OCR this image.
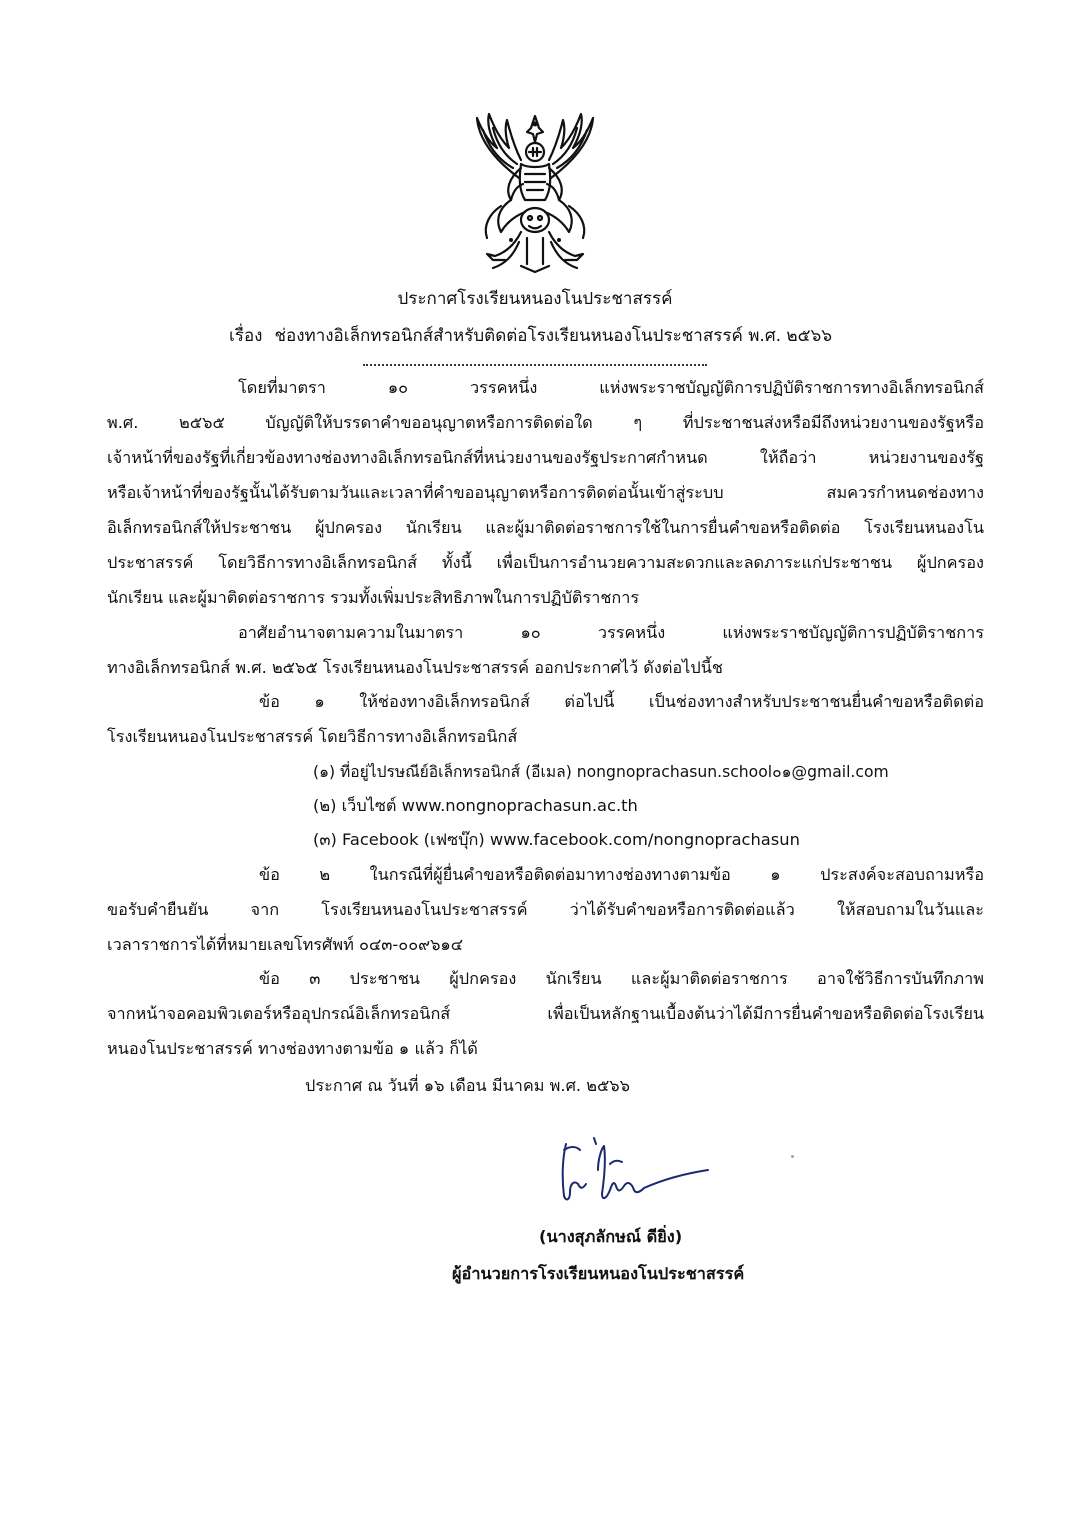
ประกาศโรงเรียนหนองโนประชาสรรค์
เรื่อง ช่องทางอิเล็กทรอนิกส์สำหรับติดต่อโรงเรียนหนองโนประชาสรรค์ พ.ศ. ๒๕๖๖
โดยที่มาตรา ๑๐ วรรคหนึ่ง แห่งพระราชบัญญัติการปฏิบัติราชการทางอิเล็กทรอนิกส์
พ.ศ. ๒๕๖๕ บัญญัติให้บรรดาคำขออนุญาตหรือการติดต่อใด ๆ ที่ประชาชนส่งหรือมีถึงหน่วยงานของรัฐหรือ
เจ้าหน้าที่ของรัฐที่เกี่ยวข้องทางช่องทางอิเล็กทรอนิกส์ที่หน่วยงานของรัฐประกาศกำหนด ให้ถือว่า หน่วยงานของรัฐ
หรือเจ้าหน้าที่ของรัฐนั้นได้รับตามวันและเวลาที่คำขออนุญาตหรือการติดต่อนั้นเข้าสู่ระบบ สมควรกำหนดช่องทาง
อิเล็กทรอนิกส์ให้ประชาชน ผู้ปกครอง นักเรียน และผู้มาติดต่อราชการใช้ในการยื่นคำขอหรือติดต่อ โรงเรียนหนองโน
ประชาสรรค์ โดยวิธีการทางอิเล็กทรอนิกส์ ทั้งนี้ เพื่อเป็นการอำนวยความสะดวกและลดภาระแก่ประชาชน ผู้ปกครอง
นักเรียน และผู้มาติดต่อราชการ รวมทั้งเพิ่มประสิทธิภาพในการปฏิบัติราชการ
อาศัยอำนาจตามความในมาตรา ๑๐ วรรคหนึ่ง แห่งพระราชบัญญัติการปฏิบัติราชการ
ทางอิเล็กทรอนิกส์ พ.ศ. ๒๕๖๕ โรงเรียนหนองโนประชาสรรค์ ออกประกาศไว้ ดังต่อไปนี้ช
ข้อ ๑ ให้ช่องทางอิเล็กทรอนิกส์ ต่อไปนี้ เป็นช่องทางสำหรับประชาชนยื่นคำขอหรือติดต่อ
โรงเรียนหนองโนประชาสรรค์ โดยวิธีการทางอิเล็กทรอนิกส์
(๑) ที่อยู่ไปรษณีย์อิเล็กทรอนิกส์ (อีเมล) nongnoprachasun.school๐๑@gmail.com
(๒) เว็บไซต์ www.nongnoprachasun.ac.th
(๓) Facebook (เฟซบุ๊ก) www.facebook.com/nongnoprachasun
ข้อ ๒ ในกรณีที่ผู้ยื่นคำขอหรือติดต่อมาทางช่องทางตามข้อ ๑ ประสงค์จะสอบถามหรือ
ขอรับคำยืนยัน จาก โรงเรียนหนองโนประชาสรรค์ ว่าได้รับคำขอหรือการติดต่อแล้ว ให้สอบถามในวันและ
เวลาราชการได้ที่หมายเลขโทรศัพท์ ๐๔๓-๐๐๙๖๑๔
ข้อ ๓ ประชาชน ผู้ปกครอง นักเรียน และผู้มาติดต่อราชการ อาจใช้วิธีการบันทึกภาพ
จากหน้าจอคอมพิวเตอร์หรืออุปกรณ์อิเล็กทรอนิกส์ เพื่อเป็นหลักฐานเบื้องต้นว่าได้มีการยื่นคำขอหรือติดต่อโรงเรียน
หนองโนประชาสรรค์ ทางช่องทางตามข้อ ๑ แล้ว ก็ได้
ประกาศ ณ วันที่ ๑๖ เดือน มีนาคม พ.ศ. ๒๕๖๖
(นางสุภลักษณ์ ดียิ่ง)
ผู้อำนวยการโรงเรียนหนองโนประชาสรรค์
